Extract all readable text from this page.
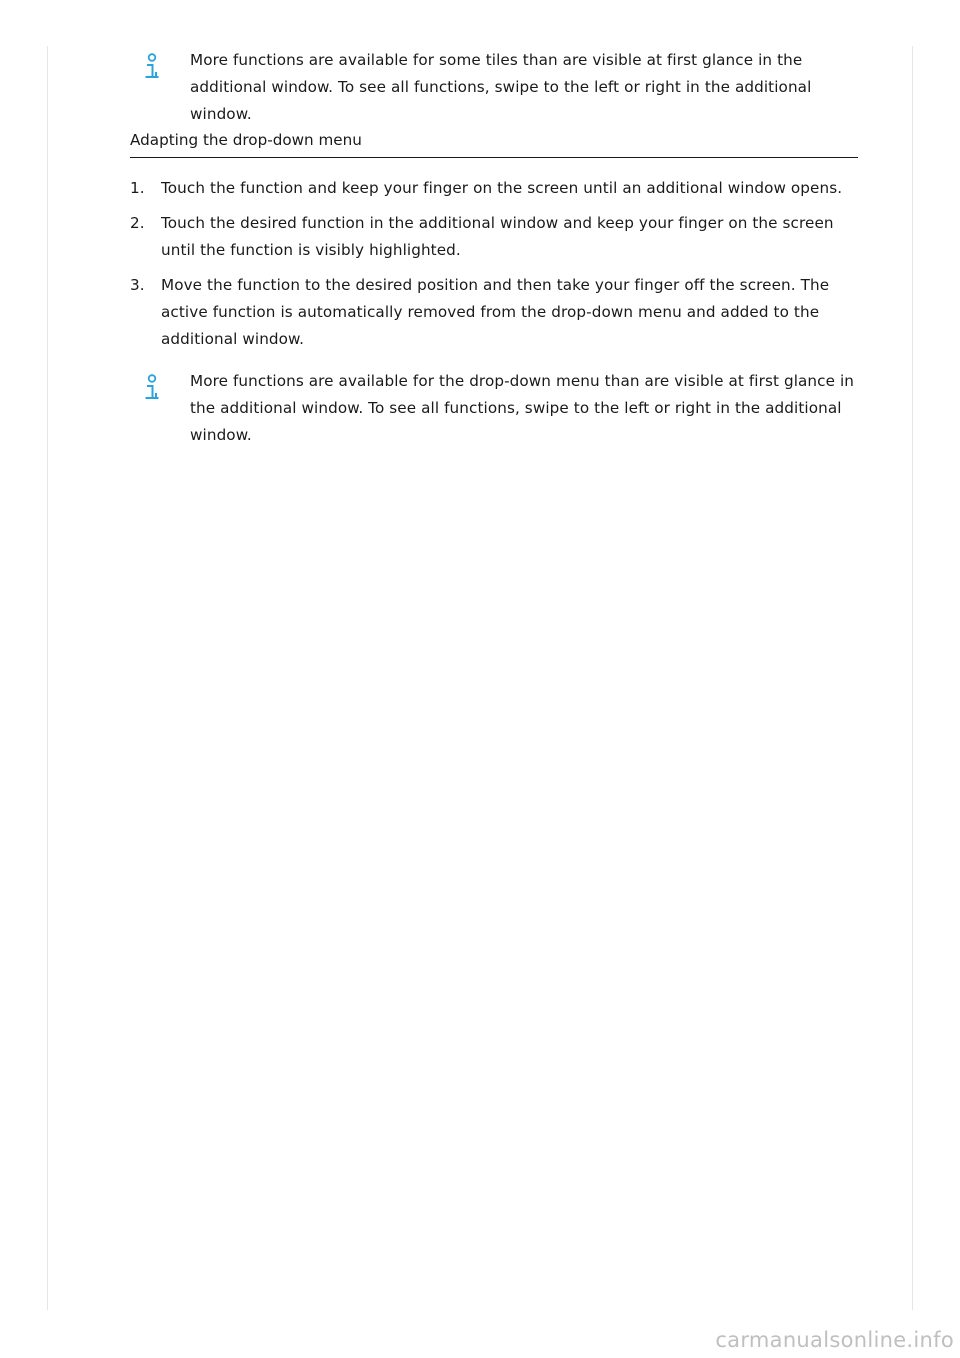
More functions are available for some tiles than are visible at first glance in the additional window. To see all functions, swipe to the left or right in the additional window.
Adapting the drop-down menu
1. Touch the function and keep your finger on the screen until an additional window opens.
2. Touch the desired function in the additional window and keep your finger on the screen until the function is visibly highlighted.
3. Move the function to the desired position and then take your finger off the screen. The active function is automatically removed from the drop-down menu and added to the additional window.
More functions are available for the drop-down menu than are visible at first glance in the additional window. To see all functions, swipe to the left or right in the additional window.
carmanualsonline.info
